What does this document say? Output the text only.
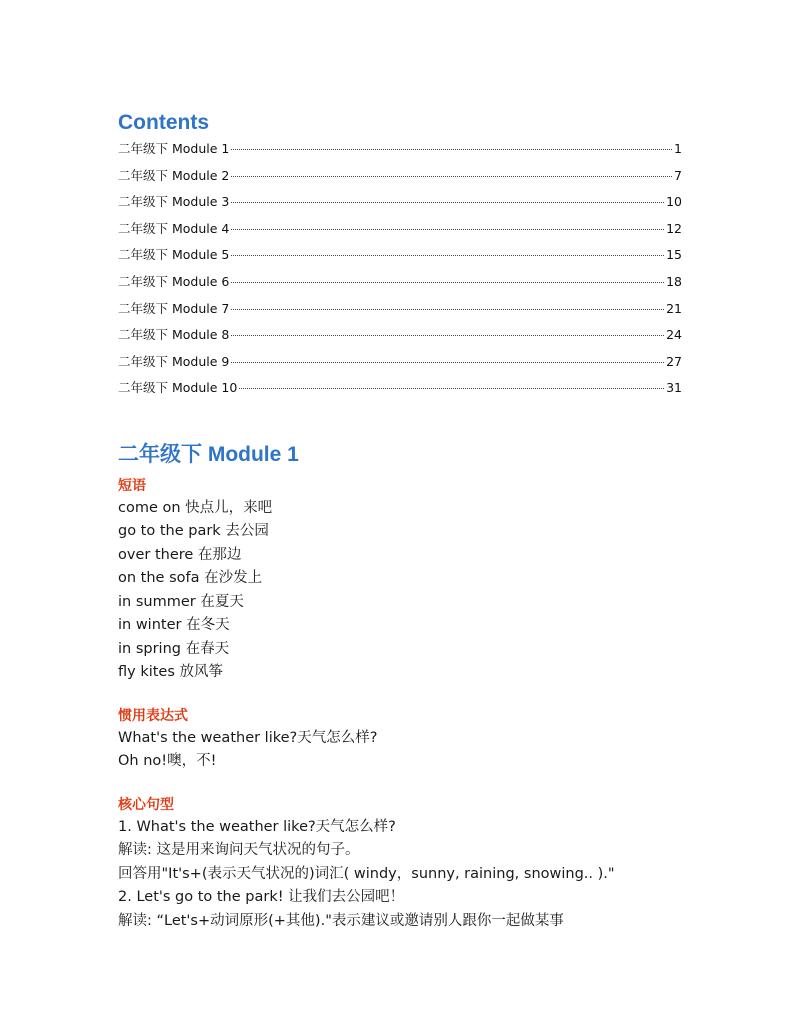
Contents
二年级下 Module 1	1
二年级下 Module 2	7
二年级下 Module 3	10
二年级下 Module 4	12
二年级下 Module 5	15
二年级下 Module 6	18
二年级下 Module 7	21
二年级下 Module 8	24
二年级下 Module 9	27
二年级下 Module 10	31
二年级下 Module 1

短语

come on 快点儿，来吧

go to the park 去公园

over there 在那边

on the sofa 在沙发上

in summer 在夏天

in winter 在冬天

in spring 在春天

fly kites 放风筝

惯用表达式

What's the weather like?天气怎么样?

Oh no!噢，不!

核心句型

1. What's the weather like?天气怎么样?

解读: 这是用来询问天气状况的句子。

回答用"It's+(表示天气状况的)词汇( windy，sunny, raining, snowing.. )."

2. Let's go to the park! 让我们去公园吧！

解读: “Let's+动词原形(+其他)."表示建议或邀请别人跟你一起做某事
